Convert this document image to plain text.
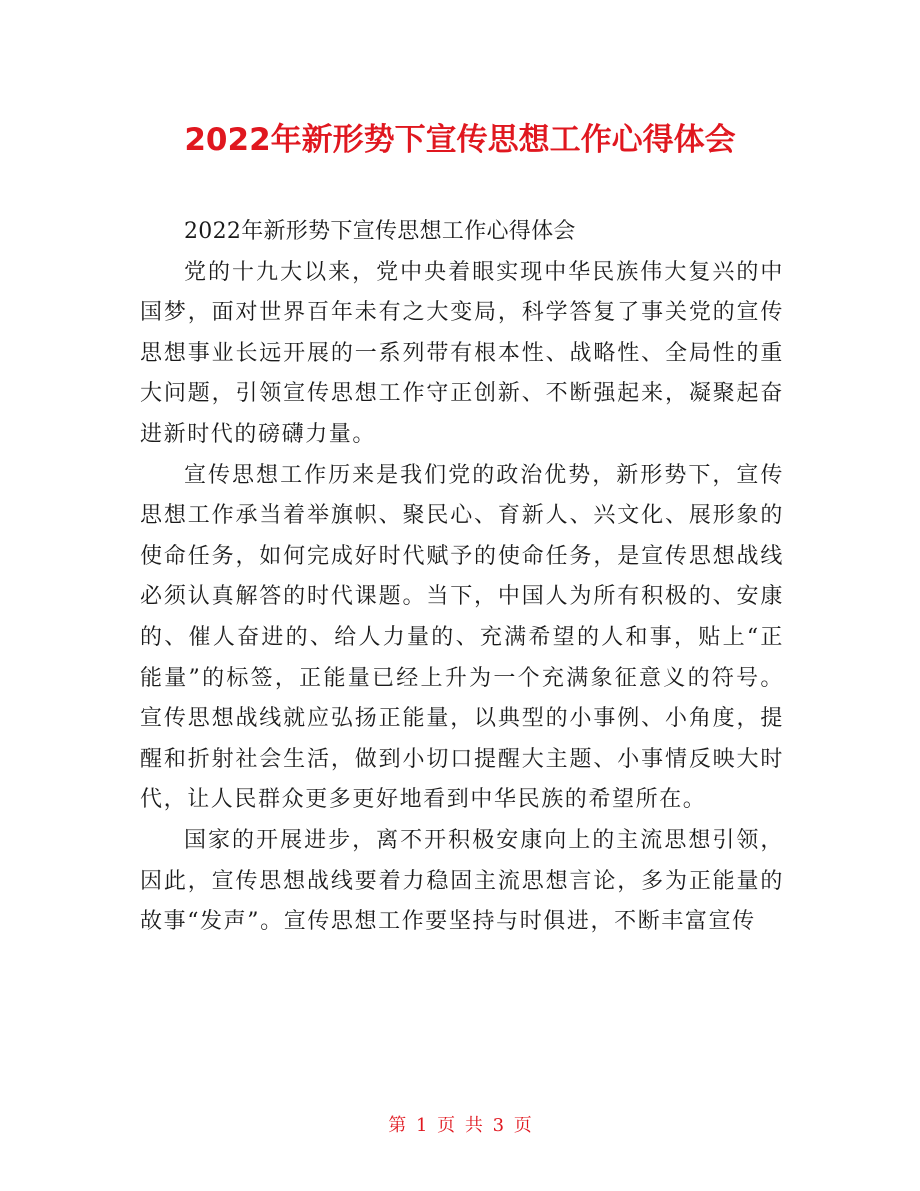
2022年新形势下宣传思想工作心得体会

2022年新形势下宣传思想工作心得体会

党的十九大以来，党中央着眼实现中华民族伟大复兴的中国梦，面对世界百年未有之大变局，科学答复了事关党的宣传思想事业长远开展的一系列带有根本性、战略性、全局性的重大问题，引领宣传思想工作守正创新、不断强起来，凝聚起奋进新时代的磅礴力量。

宣传思想工作历来是我们党的政治优势，新形势下，宣传思想工作承当着举旗帜、聚民心、育新人、兴文化、展形象的使命任务，如何完成好时代赋予的使命任务，是宣传思想战线必须认真解答的时代课题。当下，中国人为所有积极的、安康的、催人奋进的、给人力量的、充满希望的人和事，贴上“正能量”的标签，正能量已经上升为一个充满象征意义的符号。宣传思想战线就应弘扬正能量，以典型的小事例、小角度，提醒和折射社会生活，做到小切口提醒大主题、小事情反映大时代，让人民群众更多更好地看到中华民族的希望所在。

国家的开展进步，离不开积极安康向上的主流思想引领，因此，宣传思想战线要着力稳固主流思想言论，多为正能量的故事“发声”。宣传思想工作要坚持与时俱进，不断丰富宣传

第 1 页 共 3 页
